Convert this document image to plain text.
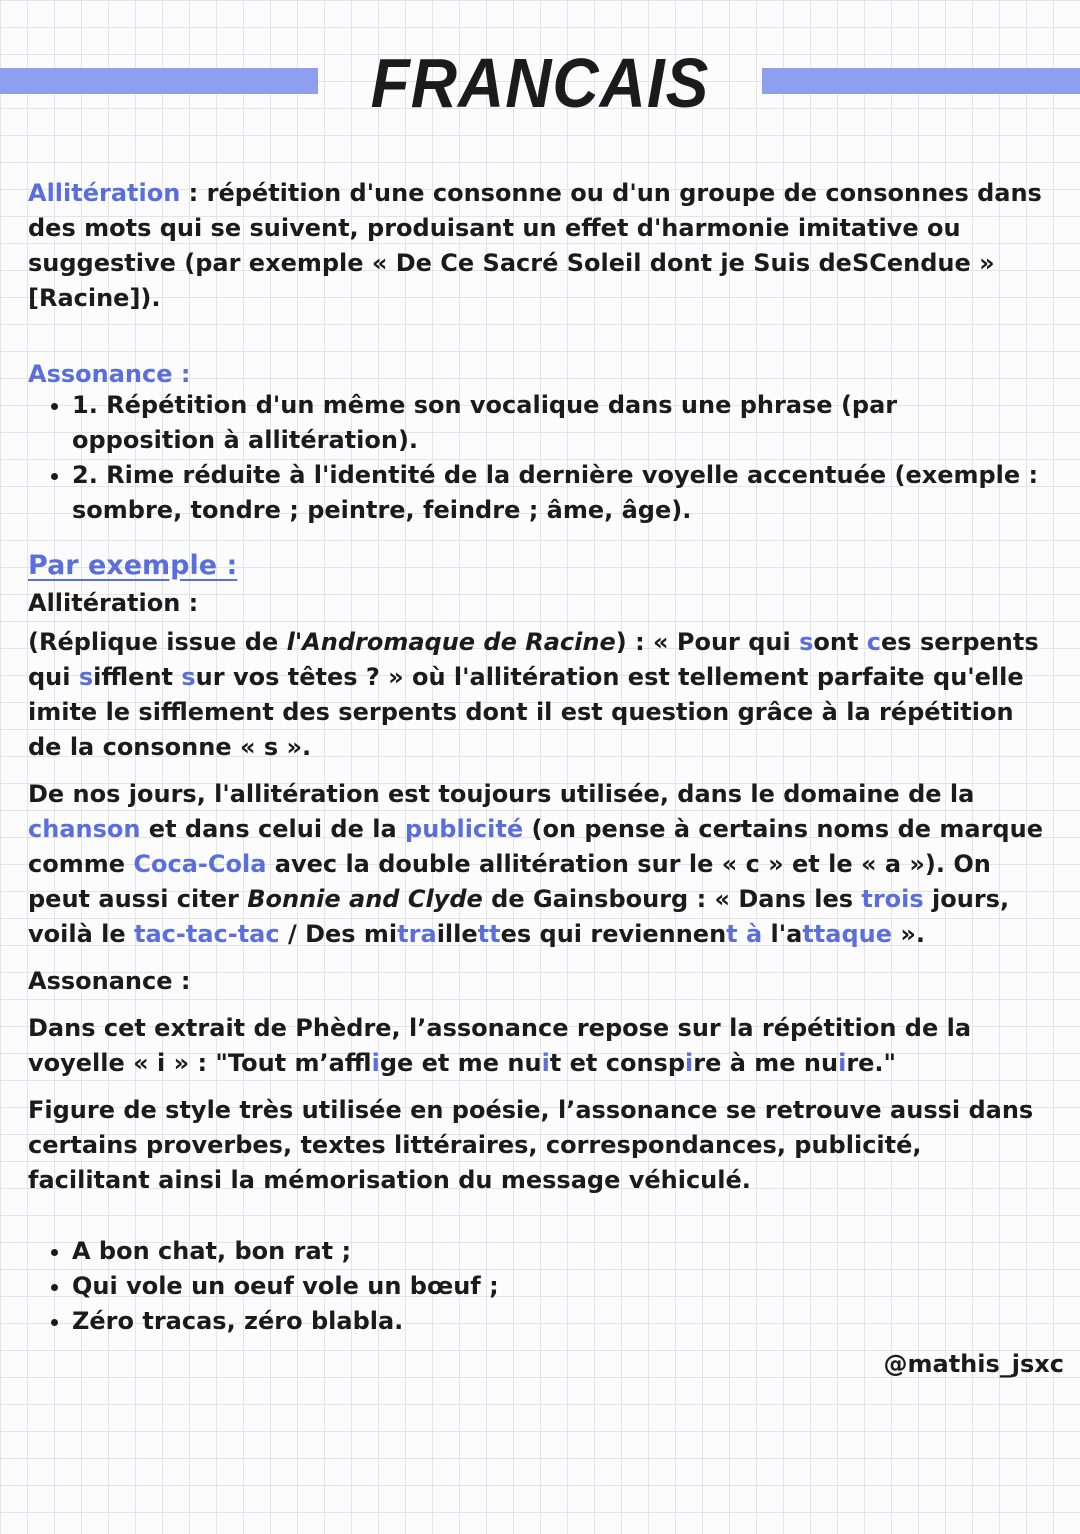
FRANCAIS

Allitération : répétition d'une consonne ou d'un groupe de consonnes dans des mots qui se suivent, produisant un effet d'harmonie imitative ou suggestive (par exemple « De Ce Sacré Soleil dont je Suis deSCendue » [Racine]).

Assonance :
• 1. Répétition d'un même son vocalique dans une phrase (par opposition à allitération).
• 2. Rime réduite à l'identité de la dernière voyelle accentuée (exemple : sombre, tondre ; peintre, feindre ; âme, âge).
Par exemple :
Allitération :

(Réplique issue de l'Andromaque de Racine) : « Pour qui sont ces serpents qui sifflent sur vos têtes ? » où l'allitération est tellement parfaite qu'elle imite le sifflement des serpents dont il est question grâce à la répétition de la consonne « s ».

De nos jours, l'allitération est toujours utilisée, dans le domaine de la chanson et dans celui de la publicité (on pense à certains noms de marque comme Coca-Cola avec la double allitération sur le « c » et le « a »). On peut aussi citer Bonnie and Clyde de Gainsbourg : « Dans les trois jours, voilà le tac-tac-tac / Des mitraillettes qui reviennent à l'attaque ».

Assonance :

Dans cet extrait de Phèdre, l’assonance repose sur la répétition de la voyelle « i » : "Tout m’afflige et me nuit et conspire à me nuire."

Figure de style très utilisée en poésie, l’assonance se retrouve aussi dans certains proverbes, textes littéraires, correspondances, publicité, facilitant ainsi la mémorisation du message véhiculé.

• A bon chat, bon rat ;
• Qui vole un oeuf vole un bœuf ;
• Zéro tracas, zéro blabla.
@mathis_jsxc
